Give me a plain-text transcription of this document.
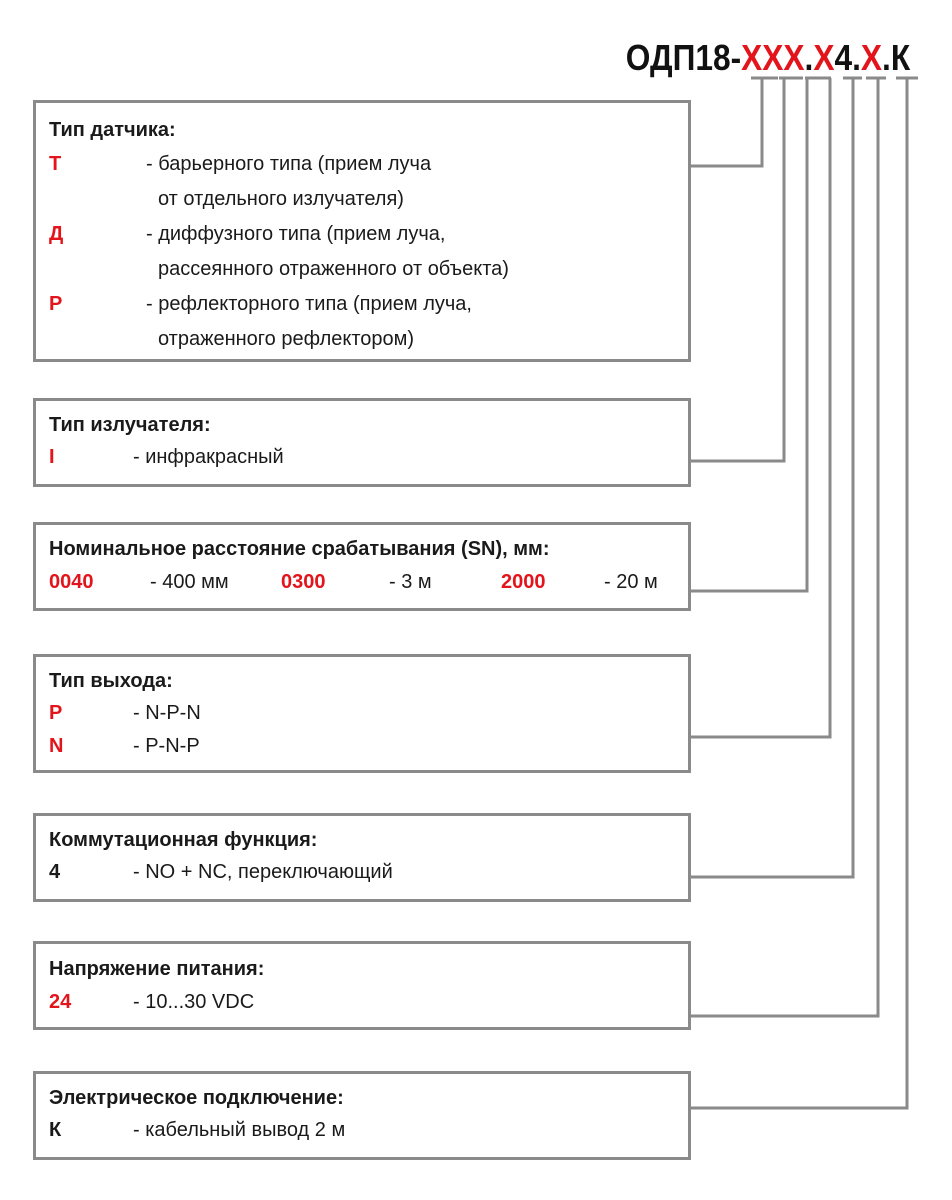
ОДП18-ХХХ.Х4.Х.К
Тип датчика:
Т	- барьерного типа (прием луча
от отдельного излучателя)
Д	- диффузного типа (прием луча,
рассеянного отраженного от объекта)
Р	- рефлекторного типа (прием луча,
отраженного рефлектором)
Тип излучателя:
I	- инфракрасный
Номинальное расстояние срабатывания (SN), мм:
0040	- 400 мм	0300	- 3 м	2000	- 20 м
Тип выхода:
P	- N-P-N
N	- P-N-P
Коммутационная функция:
4	- NO + NC, переключающий
Напряжение питания:
24	- 10...30 VDC
Электрическое подключение:
К	- кабельный вывод 2 м
